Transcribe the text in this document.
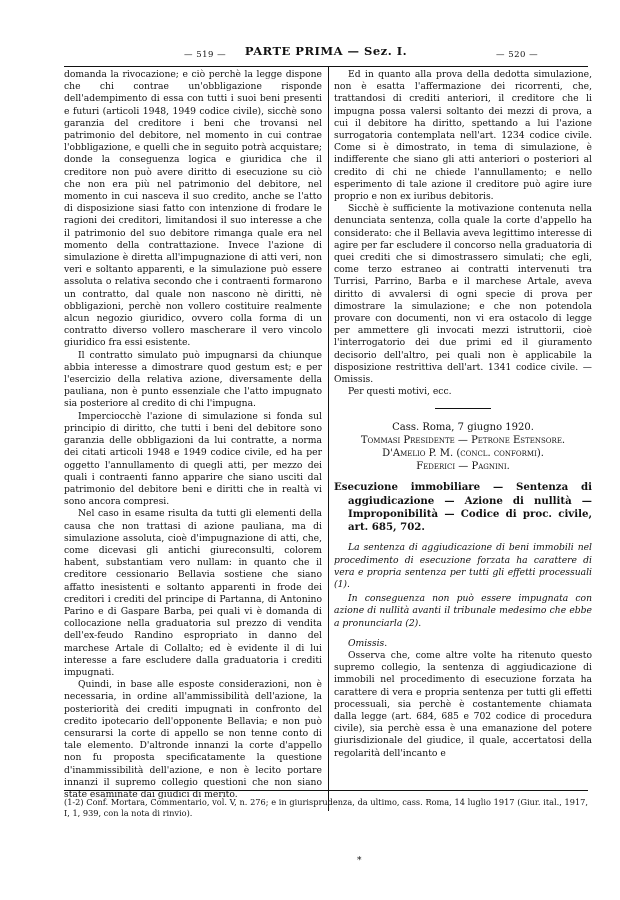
— 519 —	PARTE PRIMA — Sez. I.	— 520 —

domanda la rivocazione; e ciò perchè la legge dispone che chi contrae un'obbligazione risponde dell'adempimento di essa con tutti i suoi beni presenti e futuri (articoli 1948, 1949 codice civile), sicchè sono garanzia del creditore i beni che trovansi nel patrimonio del debitore, nel momento in cui contrae l'obbligazione, e quelli che in seguito potrà acquistare; donde la conseguenza logica e giuridica che il creditore non può avere diritto di esecuzione su ciò che non era più nel patrimonio del debitore, nel momento in cui nasceva il suo credito, anche se l'atto di disposizione siasi fatto con intenzione di frodare le ragioni dei creditori, limitandosi il suo interesse a che il patrimonio del suo debitore rimanga quale era nel momento della contrattazione. Invece l'azione di simulazione è diretta all'impugnazione di atti veri, non veri e soltanto apparenti, e la simulazione può essere assoluta o relativa secondo che i contraenti formarono un contratto, dal quale non nascono nè diritti, nè obbligazioni, perchè non vollero costituire realmente alcun negozio giuridico, ovvero colla forma di un contratto diverso vollero mascherare il vero vincolo giuridico fra essi esistente.

Il contratto simulato può impugnarsi da chiunque abbia interesse a dimostrare quod gestum est; e per l'esercizio della relativa azione, diversamente della pauliana, non è punto essenziale che l'atto impugnato sia posteriore al credito di chi l'impugna.

Imperciocchè l'azione di simulazione si fonda sul principio di diritto, che tutti i beni del debitore sono garanzia delle obbligazioni da lui contratte, a norma dei citati articoli 1948 e 1949 codice civile, ed ha per oggetto l'annullamento di quegli atti, per mezzo dei quali i contraenti fanno apparire che siano usciti dal patrimonio del debitore beni e diritti che in realtà vi sono ancora compresi.

Nel caso in esame risulta da tutti gli elementi della causa che non trattasi di azione pauliana, ma di simulazione assoluta, cioè d'impugnazione di atti, che, come dicevasi gli antichi giureconsulti, colorem habent, substantiam vero nullam: in quanto che il creditore cessionario Bellavia sostiene che siano affatto inesistenti e soltanto apparenti in frode dei creditori i crediti del principe di Partanna, di Antonino Parino e di Gaspare Barba, pei quali vi è domanda di collocazione nella graduatoria sul prezzo di vendita dell'ex-feudo Randino espropriato in danno del marchese Artale di Collalto; ed è evidente il di lui interesse a fare escludere dalla graduatoria i crediti impugnati.

Quindi, in base alle esposte considerazioni, non è necessaria, in ordine all'ammissibilità dell'azione, la posteriorità dei crediti impugnati in confronto del credito ipotecario dell'opponente Bellavia; e non può censurarsi la corte di appello se non tenne conto di tale elemento. D'altronde innanzi la corte d'appello non fu proposta specificatamente la questione d'inammissibilità dell'azione, e non è lecito portare innanzi il supremo collegio questioni che non siano state esaminate dai giudici di merito.

Ed in quanto alla prova della dedotta simulazione, non è esatta l'affermazione dei ricorrenti, che, trattandosi di crediti anteriori, il creditore che li impugna possa valersi soltanto dei mezzi di prova, a cui il debitore ha diritto, spettando a lui l'azione surrogatoria contemplata nell'art. 1234 codice civile. Come si è dimostrato, in tema di simulazione, è indifferente che siano gli atti anteriori o posteriori al credito di chi ne chiede l'annullamento; e nello esperimento di tale azione il creditore può agire iure proprio e non ex iuribus debitoris.

Sicchè è sufficiente la motivazione contenuta nella denunciata sentenza, colla quale la corte d'appello ha considerato: che il Bellavia aveva legittimo interesse di agire per far escludere il concorso nella graduatoria di quei crediti che si dimostrassero simulati; che egli, come terzo estraneo ai contratti intervenuti tra Turrisi, Parrino, Barba e il marchese Artale, aveva diritto di avvalersi di ogni specie di prova per dimostrare la simulazione; e che non potendola provare con documenti, non vi era ostacolo di legge per ammettere gli invocati mezzi istruttorii, cioè l'interrogatorio dei due primi ed il giuramento decisorio dell'altro, pei quali non è applicabile la disposizione restrittiva dell'art. 1341 codice civile. — Omissis.

Per questi motivi, ecc.

Cass. Roma, 7 giugno 1920.

Tommasi Presidente — Petrone Estensore.

D'Amelio P. M. (concl. conformi).

Federici — Pagnini.

Esecuzione immobiliare — Sentenza di aggiudicazione — Azione di nullità — Improponibilità — Codice di proc. civile, art. 685, 702.

La sentenza di aggiudicazione di beni immobili nel procedimento di esecuzione forzata ha carattere di vera e propria sentenza per tutti gli effetti processuali (1).

In conseguenza non può essere impugnata con azione di nullità avanti il tribunale medesimo che ebbe a pronunciarla (2).

Omissis.

Osserva che, come altre volte ha ritenuto questo supremo collegio, la sentenza di aggiudicazione di immobili nel procedimento di esecuzione forzata ha carattere di vera e propria sentenza per tutti gli effetti processuali, sia perchè è costantemente chiamata dalla legge (art. 684, 685 e 702 codice di procedura civile), sia perchè essa è una emanazione del potere giurisdizionale del giudice, il quale, accertatosi della regolarità dell'incanto e

(1-2) Conf. Mortara, Commentario, vol. V, n. 276; e in giurisprudenza, da ultimo, cass. Roma, 14 luglio 1917 (Giur. ital., 1917, I, 1, 939, con la nota di rinvio).

*
